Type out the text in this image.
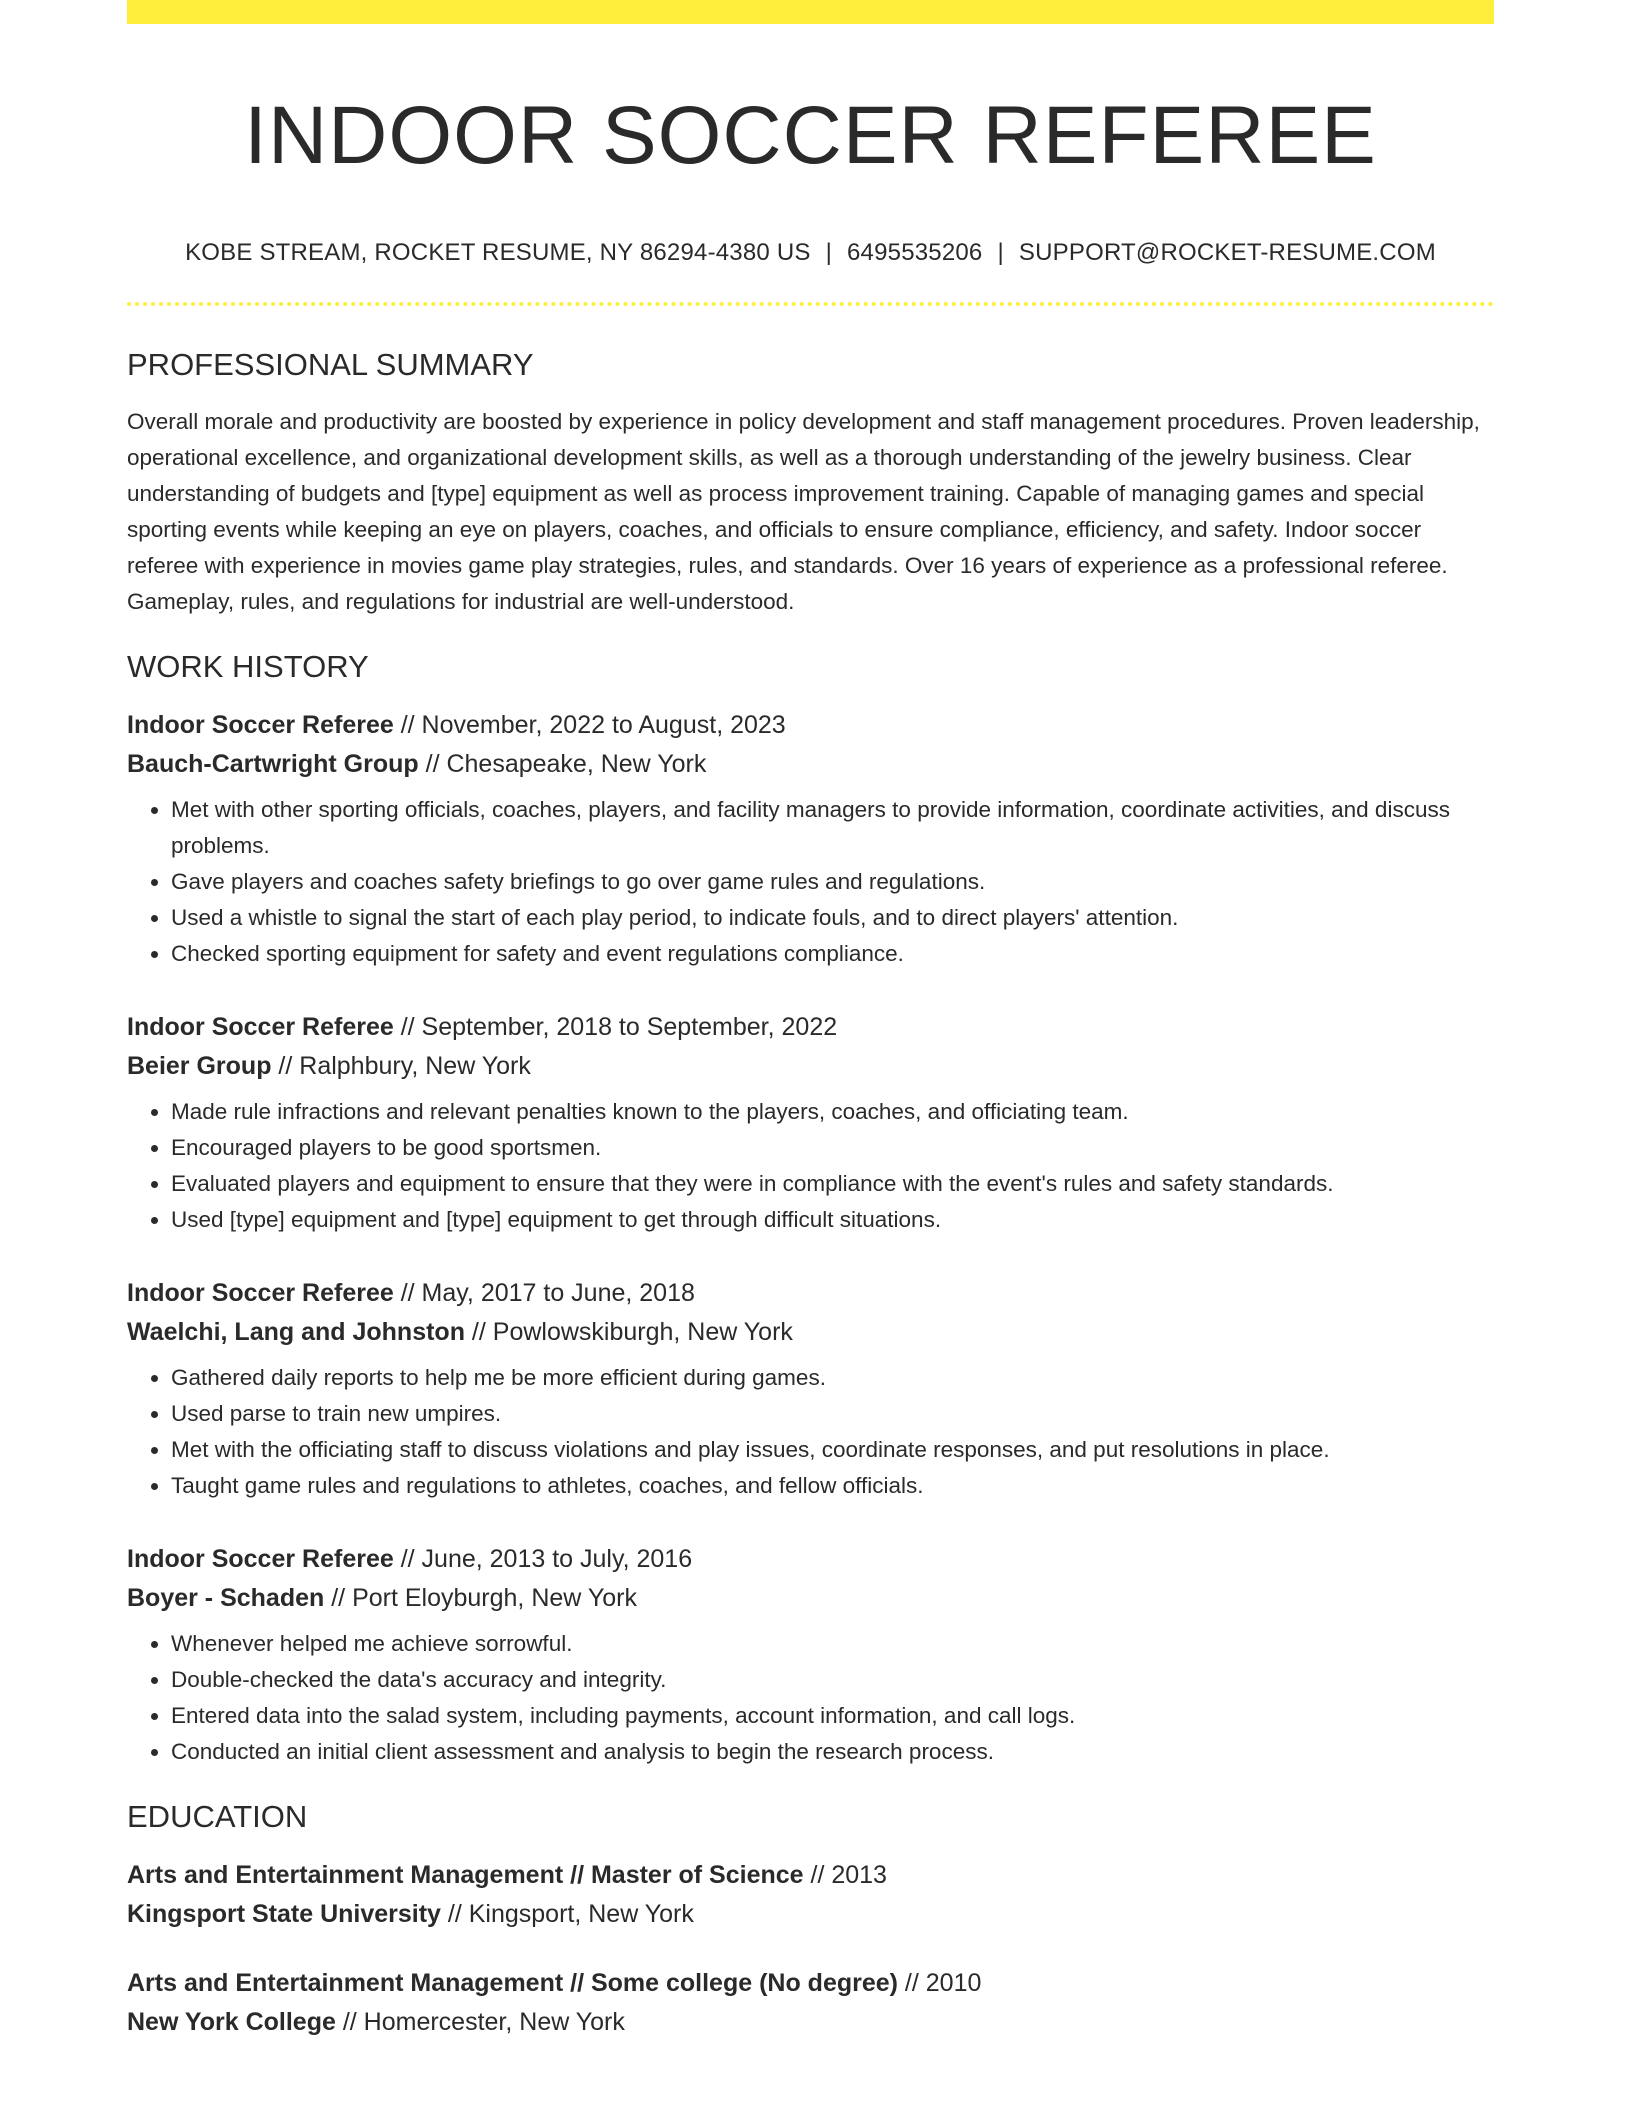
INDOOR SOCCER REFEREE
KOBE STREAM, ROCKET RESUME, NY 86294-4380 US | 6495535206 | SUPPORT@ROCKET-RESUME.COM
PROFESSIONAL SUMMARY
Overall morale and productivity are boosted by experience in policy development and staff management procedures. Proven leadership, operational excellence, and organizational development skills, as well as a thorough understanding of the jewelry business. Clear understanding of budgets and [type] equipment as well as process improvement training. Capable of managing games and special sporting events while keeping an eye on players, coaches, and officials to ensure compliance, efficiency, and safety. Indoor soccer referee with experience in movies game play strategies, rules, and standards. Over 16 years of experience as a professional referee. Gameplay, rules, and regulations for industrial are well-understood.
WORK HISTORY
Indoor Soccer Referee // November, 2022 to August, 2023
Bauch-Cartwright Group // Chesapeake, New York
• Met with other sporting officials, coaches, players, and facility managers to provide information, coordinate activities, and discuss problems.
• Gave players and coaches safety briefings to go over game rules and regulations.
• Used a whistle to signal the start of each play period, to indicate fouls, and to direct players' attention.
• Checked sporting equipment for safety and event regulations compliance.
Indoor Soccer Referee // September, 2018 to September, 2022
Beier Group // Ralphbury, New York
• Made rule infractions and relevant penalties known to the players, coaches, and officiating team.
• Encouraged players to be good sportsmen.
• Evaluated players and equipment to ensure that they were in compliance with the event's rules and safety standards.
• Used [type] equipment and [type] equipment to get through difficult situations.
Indoor Soccer Referee // May, 2017 to June, 2018
Waelchi, Lang and Johnston // Powlowskiburgh, New York
• Gathered daily reports to help me be more efficient during games.
• Used parse to train new umpires.
• Met with the officiating staff to discuss violations and play issues, coordinate responses, and put resolutions in place.
• Taught game rules and regulations to athletes, coaches, and fellow officials.
Indoor Soccer Referee // June, 2013 to July, 2016
Boyer - Schaden // Port Eloyburgh, New York
• Whenever helped me achieve sorrowful.
• Double-checked the data's accuracy and integrity.
• Entered data into the salad system, including payments, account information, and call logs.
• Conducted an initial client assessment and analysis to begin the research process.
EDUCATION
Arts and Entertainment Management // Master of Science // 2013
Kingsport State University // Kingsport, New York
Arts and Entertainment Management // Some college (No degree) // 2010
New York College // Homercester, New York
